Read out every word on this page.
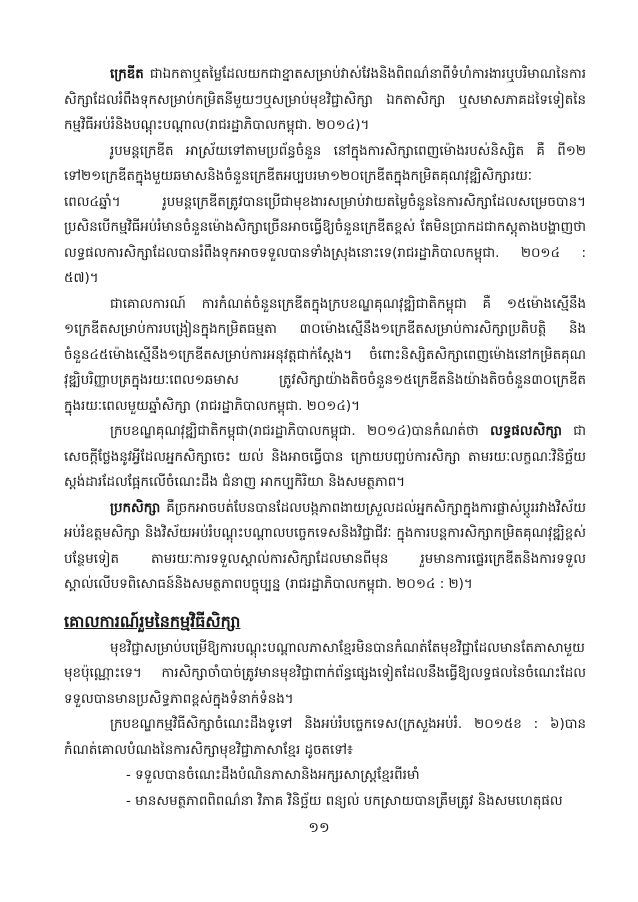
ក្រេឌីត ជាឯកតាឬតម្លៃដែលយកជាខ្នាតសម្រាប់វាស់វែងនិងពិពណ៌នាពីទំហំការងារឬបរិមាណនៃការសិក្សាដែលរំពឹងទុកសម្រាប់កម្រិតនីមួយៗឬសម្រាប់មុខវិជ្ជាសិក្សា ឯកតាសិក្សា ឬសមាសភាគដទៃទៀតនៃកម្មវិធីអប់រំនិងបណ្តុះបណ្តាល(រាជរដ្ឋាភិបាលកម្ពុជា. ២០១៤)។

រូបមន្តក្រេឌីត អាស្រ័យទៅតាមប្រព័ន្ធចំនួន នៅក្នុងការសិក្សាពេញម៉ោងរបស់និស្សិត គឺ ពី១២ ទៅ២១ក្រេឌីតក្នុងមួយឆមាសនិងចំនួនក្រេឌីតអប្បបរមា១២០ក្រេឌីតក្នុងកម្រិតគុណវុឌ្ឍិសិក្សារយៈពេល៤ឆ្នាំ។ រូបមន្តក្រេឌីតត្រូវបានប្រើជាមុខងារសម្រាប់វាយតម្លៃចំនួននៃការសិក្សាដែលសម្រេចបាន។ ប្រសិនបើកម្មវិធីអប់រំមានចំនួនម៉ោងសិក្សាច្រើនអាចធ្វើឱ្យចំនួនក្រេឌីតខ្ពស់ តែមិនប្រាកដជាកស្តុតាងបង្ហាញថា លទ្ធផលការសិក្សាដែលបានរំពឹងទុកអាចទទួលបានទាំងស្រុងនោះទេ(រាជរដ្ឋាភិបាលកម្ពុជា. ២០១៤ : ៥៧)។

ជាគោលការណ៍ ការកំណត់ចំនួនក្រេឌីតក្នុងក្របខណ្ឌគុណវុឌ្ឍិជាតិកម្ពុជា គឺ ១៥ម៉ោងស្មើនឹង ១ក្រេឌីតសម្រាប់ការបង្រៀនក្នុងកម្រិតធម្មតា ៣០ម៉ោងស្មើនឹង១ក្រេឌីតសម្រាប់ការសិក្សាប្រតិបត្តិ និងចំនួន៤៥ម៉ោងស្មើនឹង១ក្រេឌីតសម្រាប់ការអនុវត្តជាក់ស្តែង។ ចំពោះនិស្សិតសិក្សាពេញម៉ោងនៅកម្រិតគុណវុឌ្ឍិបរិញ្ញាបត្រក្នុងរយៈពេល១ឆមាស ត្រូវសិក្សាយ៉ាងតិចចំនួន១៥ក្រេឌីតនិងយ៉ាងតិចចំនួន៣០ក្រេឌីតក្នុងរយៈពេលមួយឆ្នាំសិក្សា (រាជរដ្ឋាភិបាលកម្ពុជា. ២០១៤)។

ក្របខណ្ឌគុណវុឌ្ឍិជាតិកម្ពុជា(រាជរដ្ឋាភិបាលកម្ពុជា. ២០១៤)បានកំណត់ថា លទ្ធផលសិក្សា ជាសេចក្តីថ្លែងនូវអ្វីដែលអ្នកសិក្សាចេះ យល់ និងអាចធ្វើបាន ក្រោយបញ្ចប់ការសិក្សា តាមរយៈលក្ខណៈវិនិច្ឆ័យស្តង់ដារដែលផ្អែកលើចំណេះដឹង ជំនាញ អាកប្បកិរិយា និងសមត្ថភាព។

ប្រកសិក្សា គឺច្រកអាចបត់បែនបានដែលបង្កភាពងាយស្រួលដល់អ្នកសិក្សាក្នុងការផ្លាស់ប្តូររវាងវិស័យអប់រំឧត្តមសិក្សា និងវិស័យអប់រំបណ្តុះបណ្តាលបច្ចេកទេសនិងវិជ្ជាជីវៈ ក្នុងការបន្តការសិក្សាកម្រិតគុណវុឌ្ឍិខ្ពស់បន្ថែមទៀត តាមរយៈការទទួលស្គាល់ការសិក្សាដែលមានពីមុន រួមមានការផ្ទេរក្រេឌីតនិងការទទួលស្គាល់លើបទពិសោធន៍និងសមត្ថភាពបច្ចុប្បន្ន (រាជរដ្ឋាភិបាលកម្ពុជា. ២០១៤ : ២)។

គោលការណ៍រួមនៃកម្មវិធីសិក្សា

មុខវិជ្ជាសម្រាប់បម្រើឱ្យការបណ្តុះបណ្តាលភាសាខ្មែរមិនបានកំណត់តែមុខវិជ្ជាដែលមានតែភាសាមួយមុខប៉ុណ្ណោះទេ។ ការសិក្សាចាំបាច់ត្រូវមានមុខវិជ្ជាពាក់ព័ន្ធផ្សេងទៀតដែលនឹងធ្វើឱ្យលទ្ធផលនៃចំណេះដែលទទួលបានមានប្រសិទ្ធភាពខ្ពស់ក្នុងទំនាក់ទំនង។

ក្របខណ្ឌកម្មវិធីសិក្សាចំណេះដឹងទូទៅ និងអប់រំបច្ចេកទេស(ក្រសួងអប់រំ. ២០១៥ខ : ៦)បានកំណត់គោលបំណងនៃការសិក្សាមុខវិជ្ជាភាសាខ្មែរ ដូចតទៅ៖

- ទទួលបានចំណេះដឹងបំណិនភាសានិងអក្សរសាស្ត្រខ្មែរពីរមាំ

- មានសមត្ថភាពពិពណ៌នា វិភាគ វិនិច្ឆ័យ ពន្យល់ បកស្រាយបានត្រឹមត្រូវ និងសមហេតុផល

១១
